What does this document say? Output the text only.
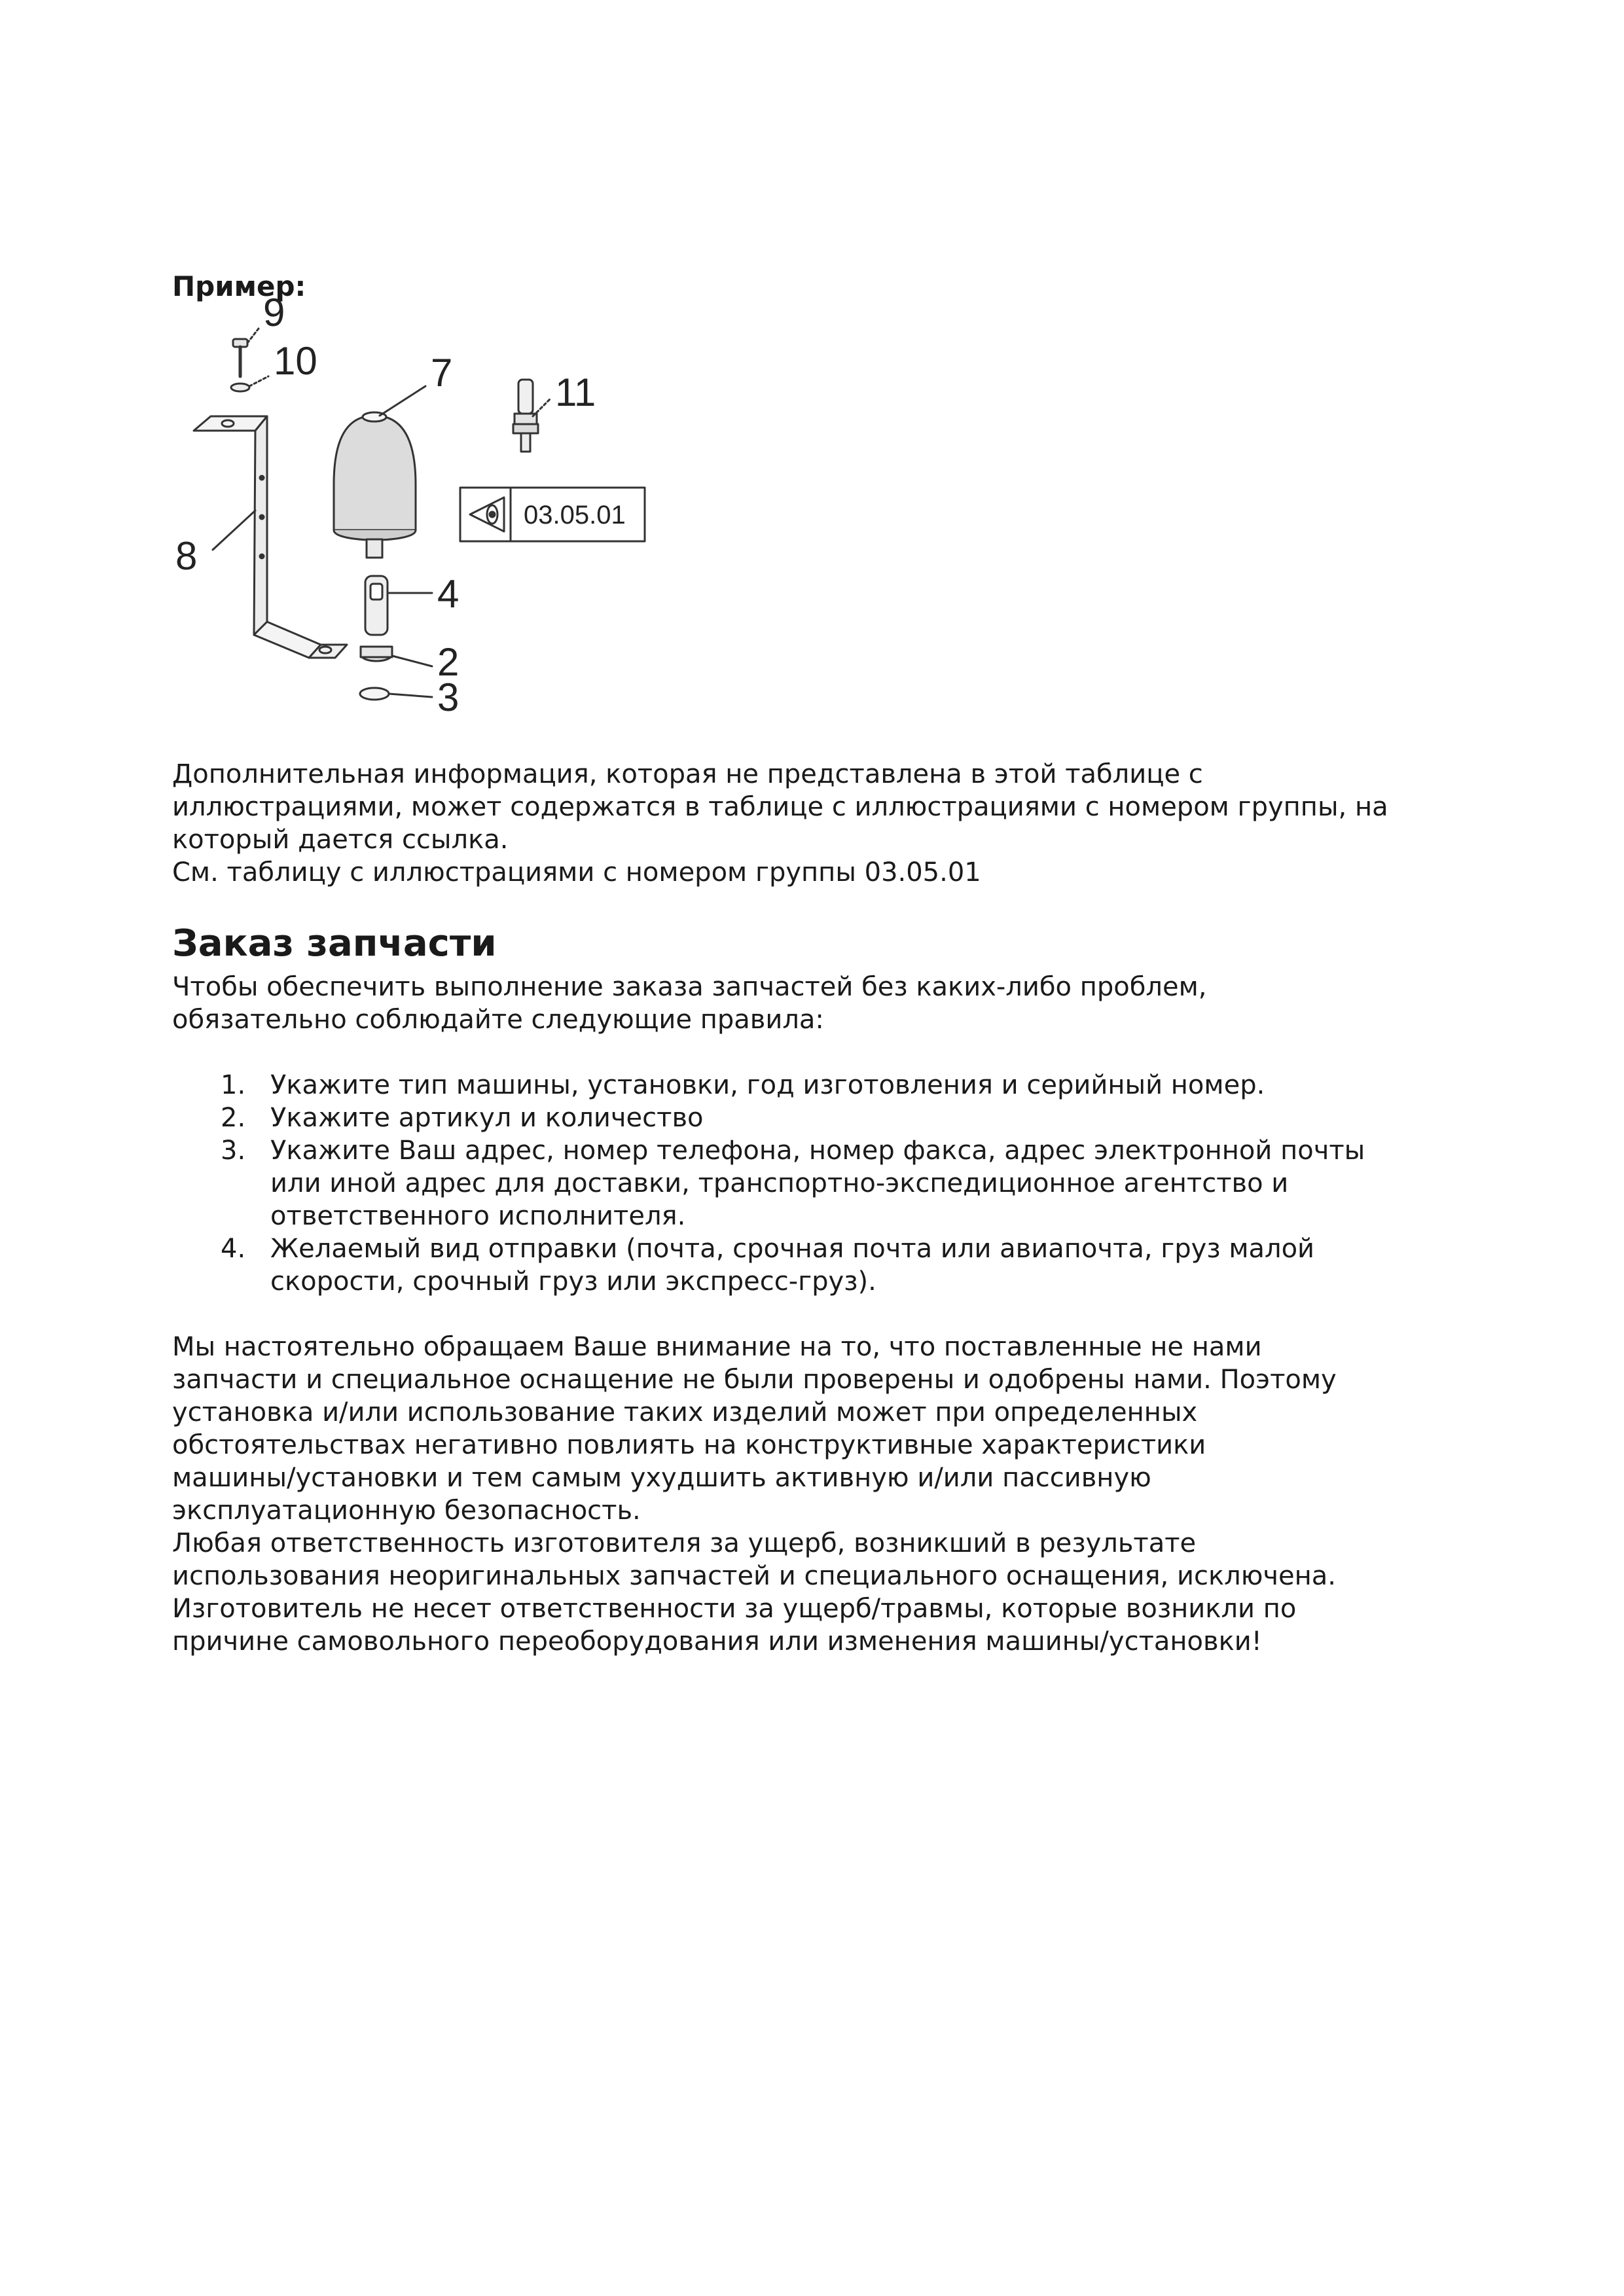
Пример:
9
10	7	11
8
4
2
3
03.05.01

Дополнительная информация, которая не представлена в этой таблице с

иллюстрациями, может содержатся в таблице с иллюстрациями с номером группы, на

который дается ссылка.

См. таблицу с иллюстрациями с номером группы 03.05.01

Заказ запчасти

Чтобы обеспечить выполнение заказа запчастей без каких-либо проблем,

обязательно соблюдайте следующие правила:

1. Укажите тип машины, установки, год изготовления и серийный номер.
2. Укажите артикул и количество
3. Укажите Ваш адрес, номер телефона, номер факса, адрес электронной почты
или иной адрес для доставки, транспортно-экспедиционное агентство и
ответственного исполнителя.
4. Желаемый вид отправки (почта, срочная почта или авиапочта, груз малой
скорости, срочный груз или экспресс-груз).

Мы настоятельно обращаем Ваше внимание на то, что поставленные не нами

запчасти и специальное оснащение не были проверены и одобрены нами. Поэтому

установка и/или использование таких изделий может при определенных

обстоятельствах негативно повлиять на конструктивные характеристики

машины/установки и тем самым ухудшить активную и/или пассивную

эксплуатационную безопасность.

Любая ответственность изготовителя за ущерб, возникший в результате

использования неоригинальных запчастей и специального оснащения, исключена.

Изготовитель не несет ответственности за ущерб/травмы, которые возникли по

причине самовольного переоборудования или изменения машины/установки!
